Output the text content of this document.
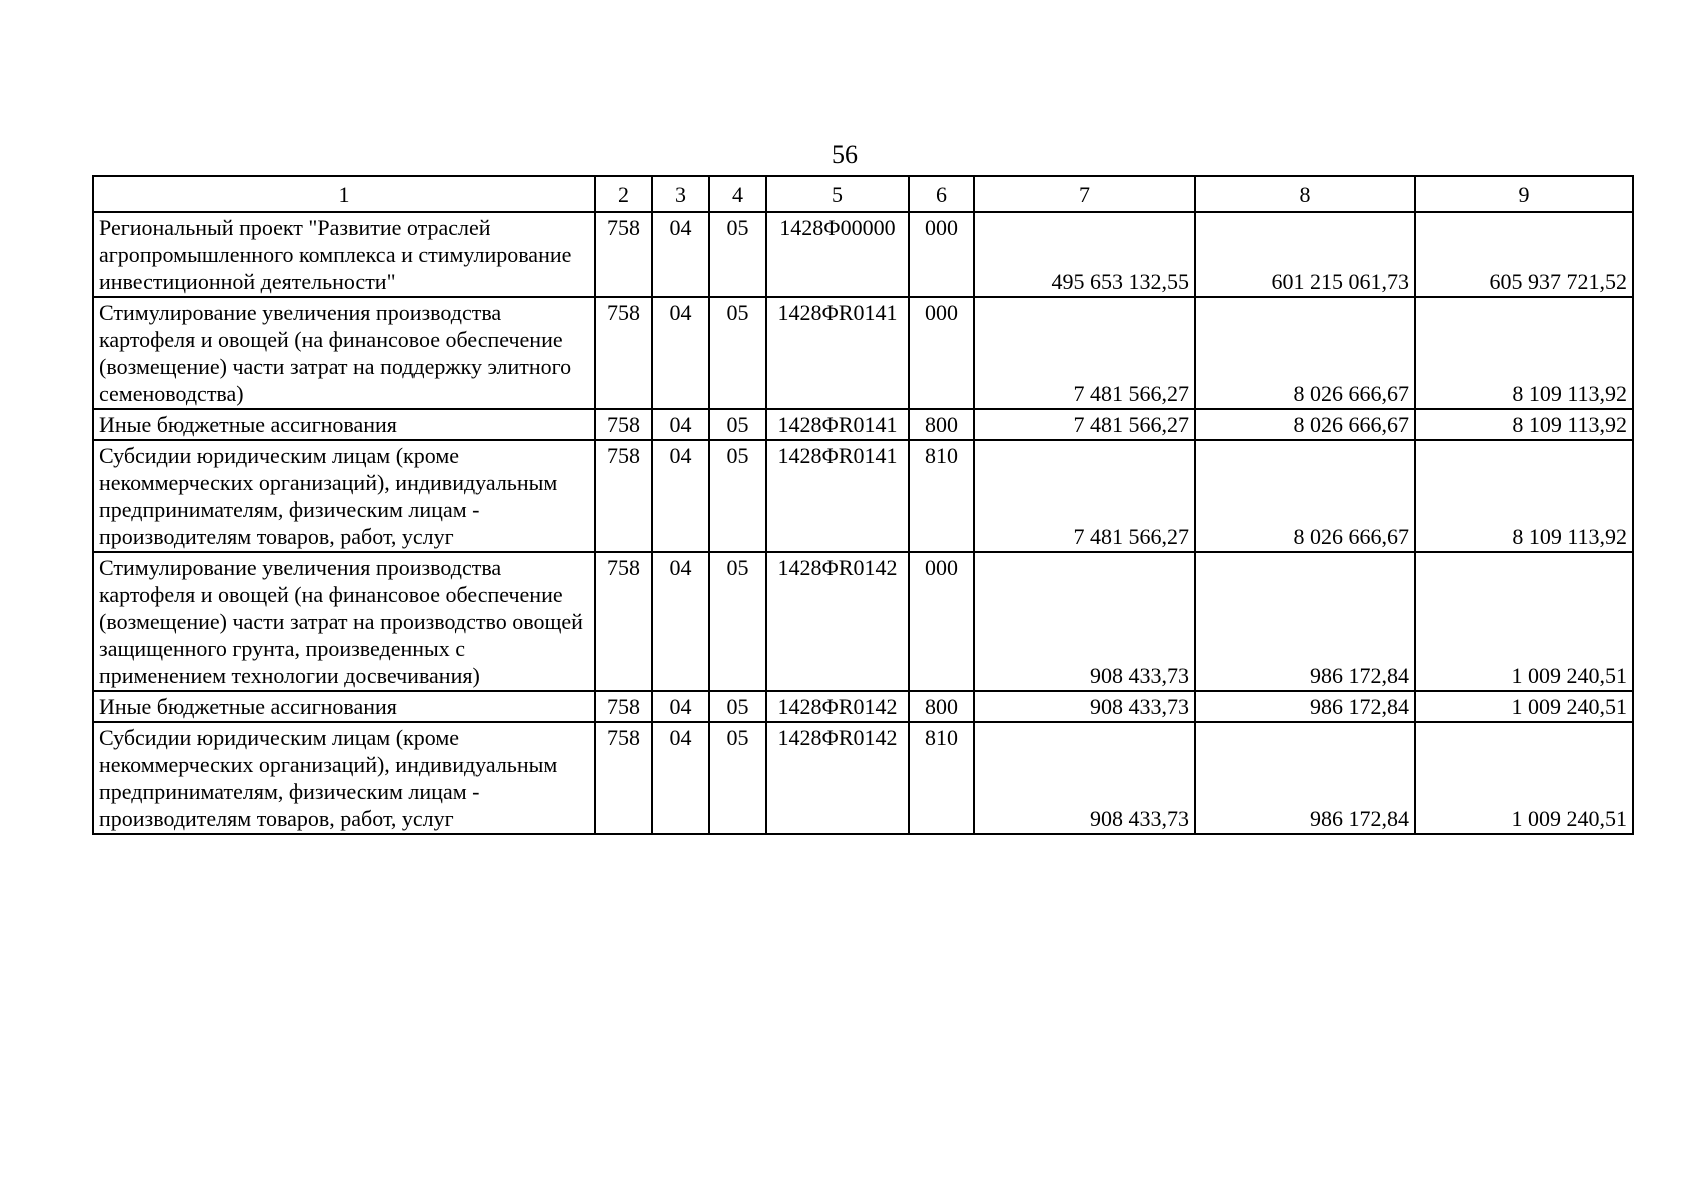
56
1	2	3	4	5	6	7	8	9
Региональный проект "Развитие отраслей агропромышленного комплекса и стимулирование инвестиционной деятельности"	758	04	05	1428Ф00000	000	495 653 132,55	601 215 061,73	605 937 721,52
Стимулирование увеличения производства картофеля и овощей (на финансовое обеспечение (возмещение) части затрат на поддержку элитного семеноводства)	758	04	05	1428ФR0141	000	7 481 566,27	8 026 666,67	8 109 113,92
Иные бюджетные ассигнования	758	04	05	1428ФR0141	800	7 481 566,27	8 026 666,67	8 109 113,92
Субсидии юридическим лицам (кроме некоммерческих организаций), индивидуальным предпринимателям, физическим лицам - производителям товаров, работ, услуг	758	04	05	1428ФR0141	810	7 481 566,27	8 026 666,67	8 109 113,92
Стимулирование увеличения производства картофеля и овощей (на финансовое обеспечение (возмещение) части затрат на производство овощей защищенного грунта, произведенных с применением технологии досвечивания)	758	04	05	1428ФR0142	000	908 433,73	986 172,84	1 009 240,51
Иные бюджетные ассигнования	758	04	05	1428ФR0142	800	908 433,73	986 172,84	1 009 240,51
Субсидии юридическим лицам (кроме некоммерческих организаций), индивидуальным предпринимателям, физическим лицам - производителям товаров, работ, услуг	758	04	05	1428ФR0142	810	908 433,73	986 172,84	1 009 240,51
